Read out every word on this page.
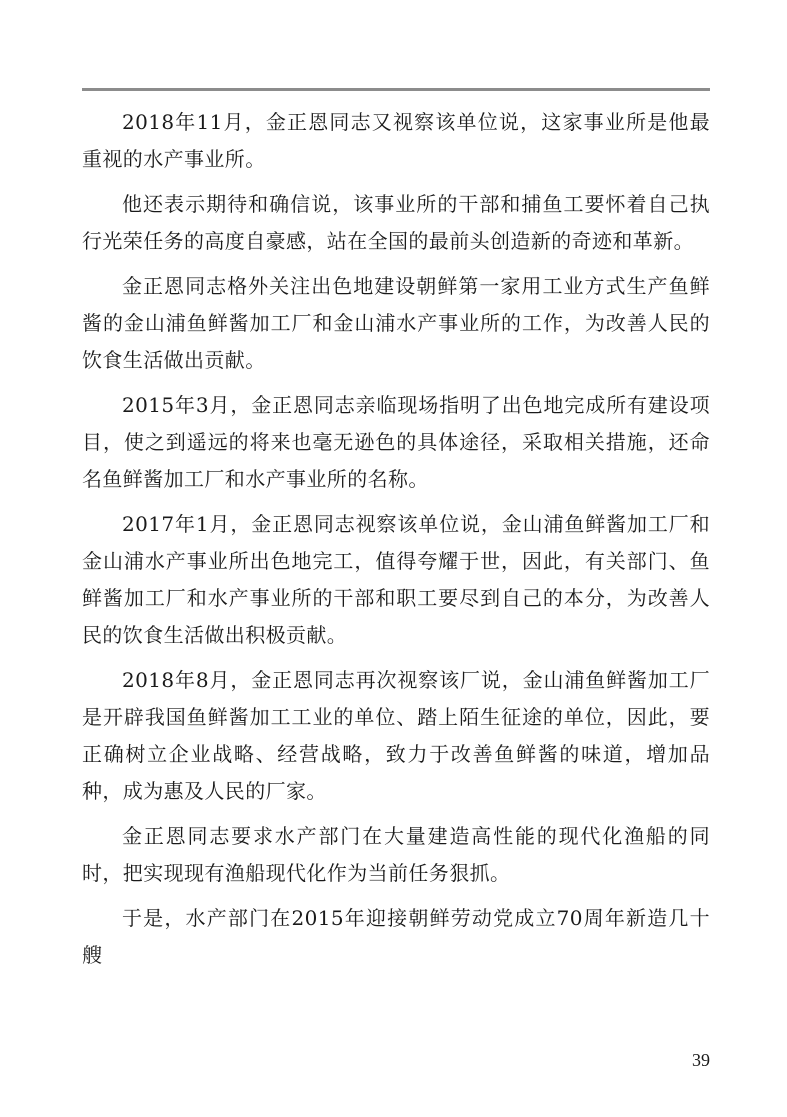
2018年11月，金正恩同志又视察该单位说，这家事业所是他最重视的水产事业所。

他还表示期待和确信说，该事业所的干部和捕鱼工要怀着自己执行光荣任务的高度自豪感，站在全国的最前头创造新的奇迹和革新。

金正恩同志格外关注出色地建设朝鲜第一家用工业方式生产鱼鲜酱的金山浦鱼鲜酱加工厂和金山浦水产事业所的工作，为改善人民的饮食生活做出贡献。

2015年3月，金正恩同志亲临现场指明了出色地完成所有建设项目，使之到遥远的将来也毫无逊色的具体途径，采取相关措施，还命名鱼鲜酱加工厂和水产事业所的名称。

2017年1月，金正恩同志视察该单位说，金山浦鱼鲜酱加工厂和金山浦水产事业所出色地完工，值得夸耀于世，因此，有关部门、鱼鲜酱加工厂和水产事业所的干部和职工要尽到自己的本分，为改善人民的饮食生活做出积极贡献。

2018年8月，金正恩同志再次视察该厂说，金山浦鱼鲜酱加工厂是开辟我国鱼鲜酱加工工业的单位、踏上陌生征途的单位，因此，要正确树立企业战略、经营战略，致力于改善鱼鲜酱的味道，增加品种，成为惠及人民的厂家。

金正恩同志要求水产部门在大量建造高性能的现代化渔船的同时，把实现现有渔船现代化作为当前任务狠抓。

于是，水产部门在2015年迎接朝鲜劳动党成立70周年新造几十艘

39
